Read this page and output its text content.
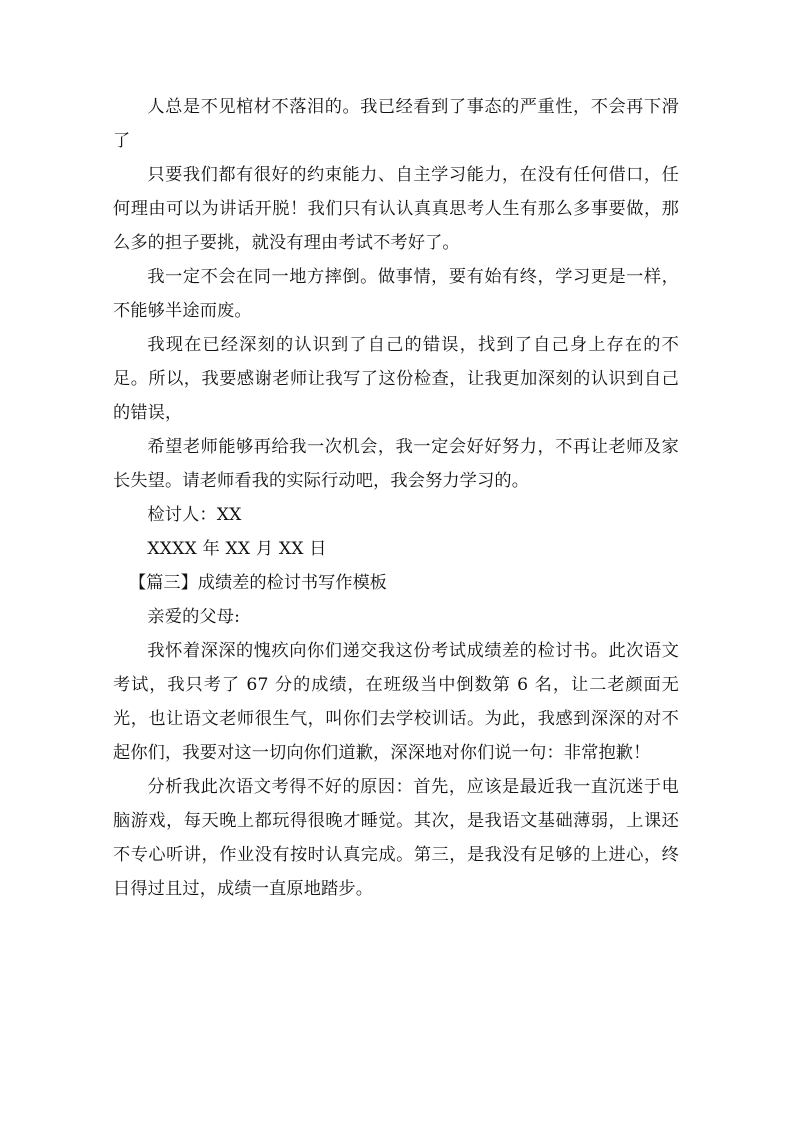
人总是不见棺材不落泪的。我已经看到了事态的严重性，不会再下滑了

只要我们都有很好的约束能力、自主学习能力，在没有任何借口，任何理由可以为讲话开脱！我们只有认认真真思考人生有那么多事要做，那么多的担子要挑，就没有理由考试不考好了。

我一定不会在同一地方摔倒。做事情，要有始有终，学习更是一样，不能够半途而废。

我现在已经深刻的认识到了自己的错误，找到了自己身上存在的不足。所以，我要感谢老师让我写了这份检查，让我更加深刻的认识到自己的错误，

希望老师能够再给我一次机会，我一定会好好努力，不再让老师及家长失望。请老师看我的实际行动吧，我会努力学习的。

检讨人：XX

XXXX 年 XX 月 XX 日

【篇三】成绩差的检讨书写作模板

亲爱的父母:

我怀着深深的愧疚向你们递交我这份考试成绩差的检讨书。此次语文考试，我只考了 67 分的成绩，在班级当中倒数第 6 名，让二老颜面无光，也让语文老师很生气，叫你们去学校训话。为此，我感到深深的对不起你们，我要对这一切向你们道歉，深深地对你们说一句：非常抱歉！

分析我此次语文考得不好的原因：首先，应该是最近我一直沉迷于电脑游戏，每天晚上都玩得很晚才睡觉。其次，是我语文基础薄弱，上课还不专心听讲，作业没有按时认真完成。第三，是我没有足够的上进心，终日得过且过，成绩一直原地踏步。
